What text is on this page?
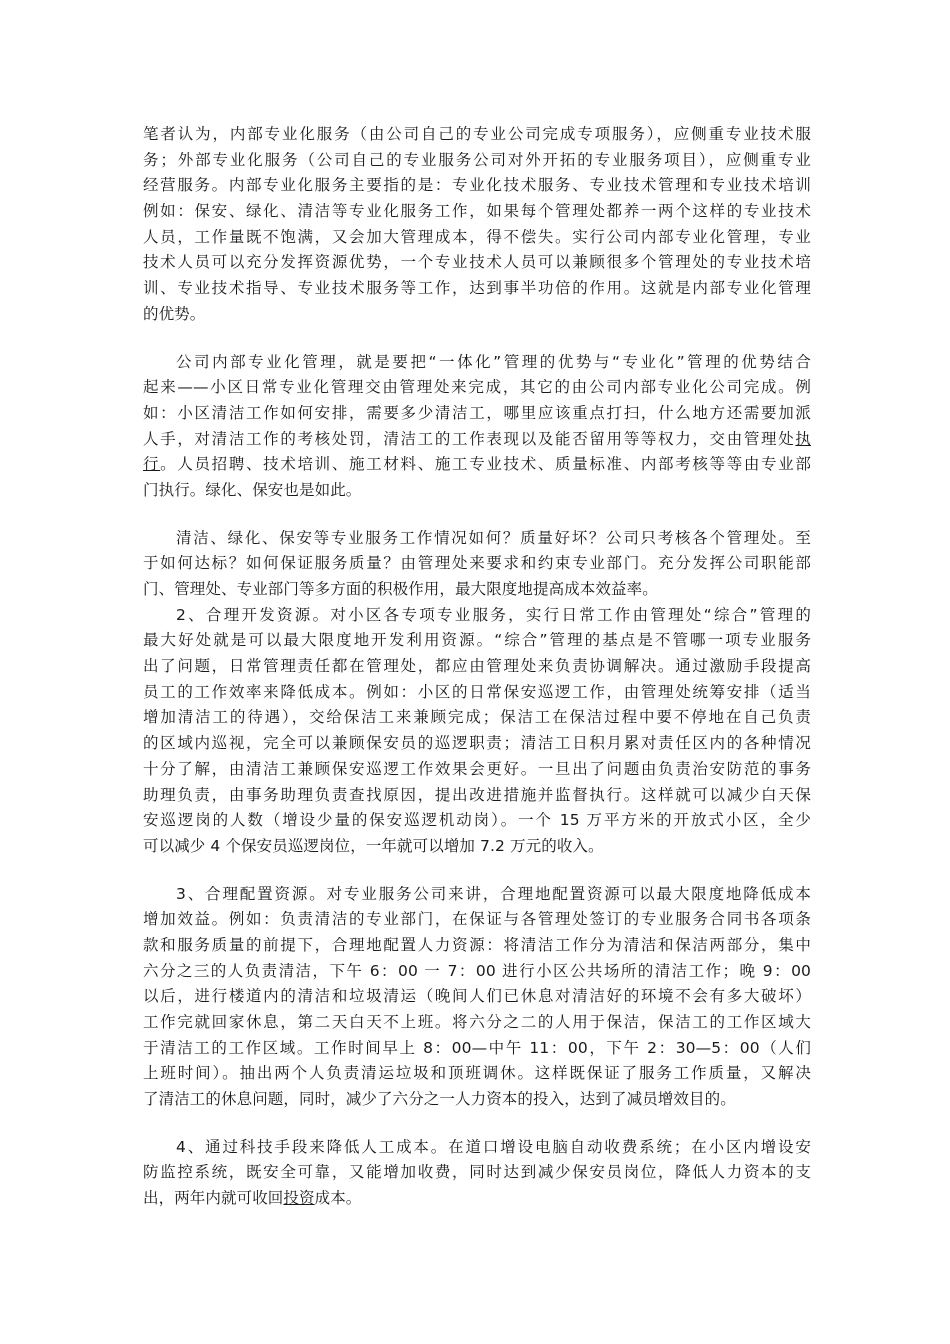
笔者认为，内部专业化服务（由公司自己的专业公司完成专项服务），应侧重专业技术服
务；外部专业化服务（公司自己的专业服务公司对外开拓的专业服务项目），应侧重专业
经营服务。内部专业化服务主要指的是：专业化技术服务、专业技术管理和专业技术培训
例如：保安、绿化、清洁等专业化服务工作，如果每个管理处都养一两个这样的专业技术
人员，工作量既不饱满，又会加大管理成本，得不偿失。实行公司内部专业化管理，专业
技术人员可以充分发挥资源优势，一个专业技术人员可以兼顾很多个管理处的专业技术培
训、专业技术指导、专业技术服务等工作，达到事半功倍的作用。这就是内部专业化管理
的优势。
公司内部专业化管理，就是要把“一体化”管理的优势与“专业化”管理的优势结合
起来——小区日常专业化管理交由管理处来完成，其它的由公司内部专业化公司完成。例
如：小区清洁工作如何安排，需要多少清洁工，哪里应该重点打扫，什么地方还需要加派
人手，对清洁工作的考核处罚，清洁工的工作表现以及能否留用等等权力，交由管理处执
行。人员招聘、技术培训、施工材料、施工专业技术、质量标准、内部考核等等由专业部
门执行。绿化、保安也是如此。
清洁、绿化、保安等专业服务工作情况如何？质量好坏？公司只考核各个管理处。至
于如何达标？如何保证服务质量？由管理处来要求和约束专业部门。充分发挥公司职能部
门、管理处、专业部门等多方面的积极作用，最大限度地提高成本效益率。
2、合理开发资源。对小区各专项专业服务，实行日常工作由管理处“综合”管理的
最大好处就是可以最大限度地开发利用资源。“综合”管理的基点是不管哪一项专业服务
出了问题，日常管理责任都在管理处，都应由管理处来负责协调解决。通过激励手段提高
员工的工作效率来降低成本。例如：小区的日常保安巡逻工作，由管理处统筹安排（适当
增加清洁工的待遇），交给保洁工来兼顾完成；保洁工在保洁过程中要不停地在自己负责
的区域内巡视，完全可以兼顾保安员的巡逻职责；清洁工日积月累对责任区内的各种情况
十分了解，由清洁工兼顾保安巡逻工作效果会更好。一旦出了问题由负责治安防范的事务
助理负责，由事务助理负责查找原因，提出改进措施并监督执行。这样就可以减少白天保
安巡逻岗的人数（增设少量的保安巡逻机动岗）。一个 15 万平方米的开放式小区，全少
可以减少 4 个保安员巡逻岗位，一年就可以增加 7.2 万元的收入。
3、合理配置资源。对专业服务公司来讲，合理地配置资源可以最大限度地降低成本
增加效益。例如：负责清洁的专业部门，在保证与各管理处签订的专业服务合同书各项条
款和服务质量的前提下，合理地配置人力资源：将清洁工作分为清洁和保洁两部分，集中
六分之三的人负责清洁，下午 6：00 一 7：00 进行小区公共场所的清洁工作；晚 9：00
以后，进行楼道内的清洁和垃圾清运（晚间人们已休息对清洁好的环境不会有多大破坏）
工作完就回家休息，第二天白天不上班。将六分之二的人用于保洁，保洁工的工作区域大
于清洁工的工作区域。工作时间早上 8：00—中午 11：00，下午 2：30—5：00（人们
上班时间）。抽出两个人负责清运垃圾和顶班调休。这样既保证了服务工作质量，又解决
了清洁工的休息问题，同时，减少了六分之一人力资本的投入，达到了减员增效目的。
4、通过科技手段来降低人工成本。在道口增设电脑自动收费系统；在小区内增设安
防监控系统，既安全可靠，又能增加收费，同时达到减少保安员岗位，降低人力资本的支
出，两年内就可收回投资成本。
